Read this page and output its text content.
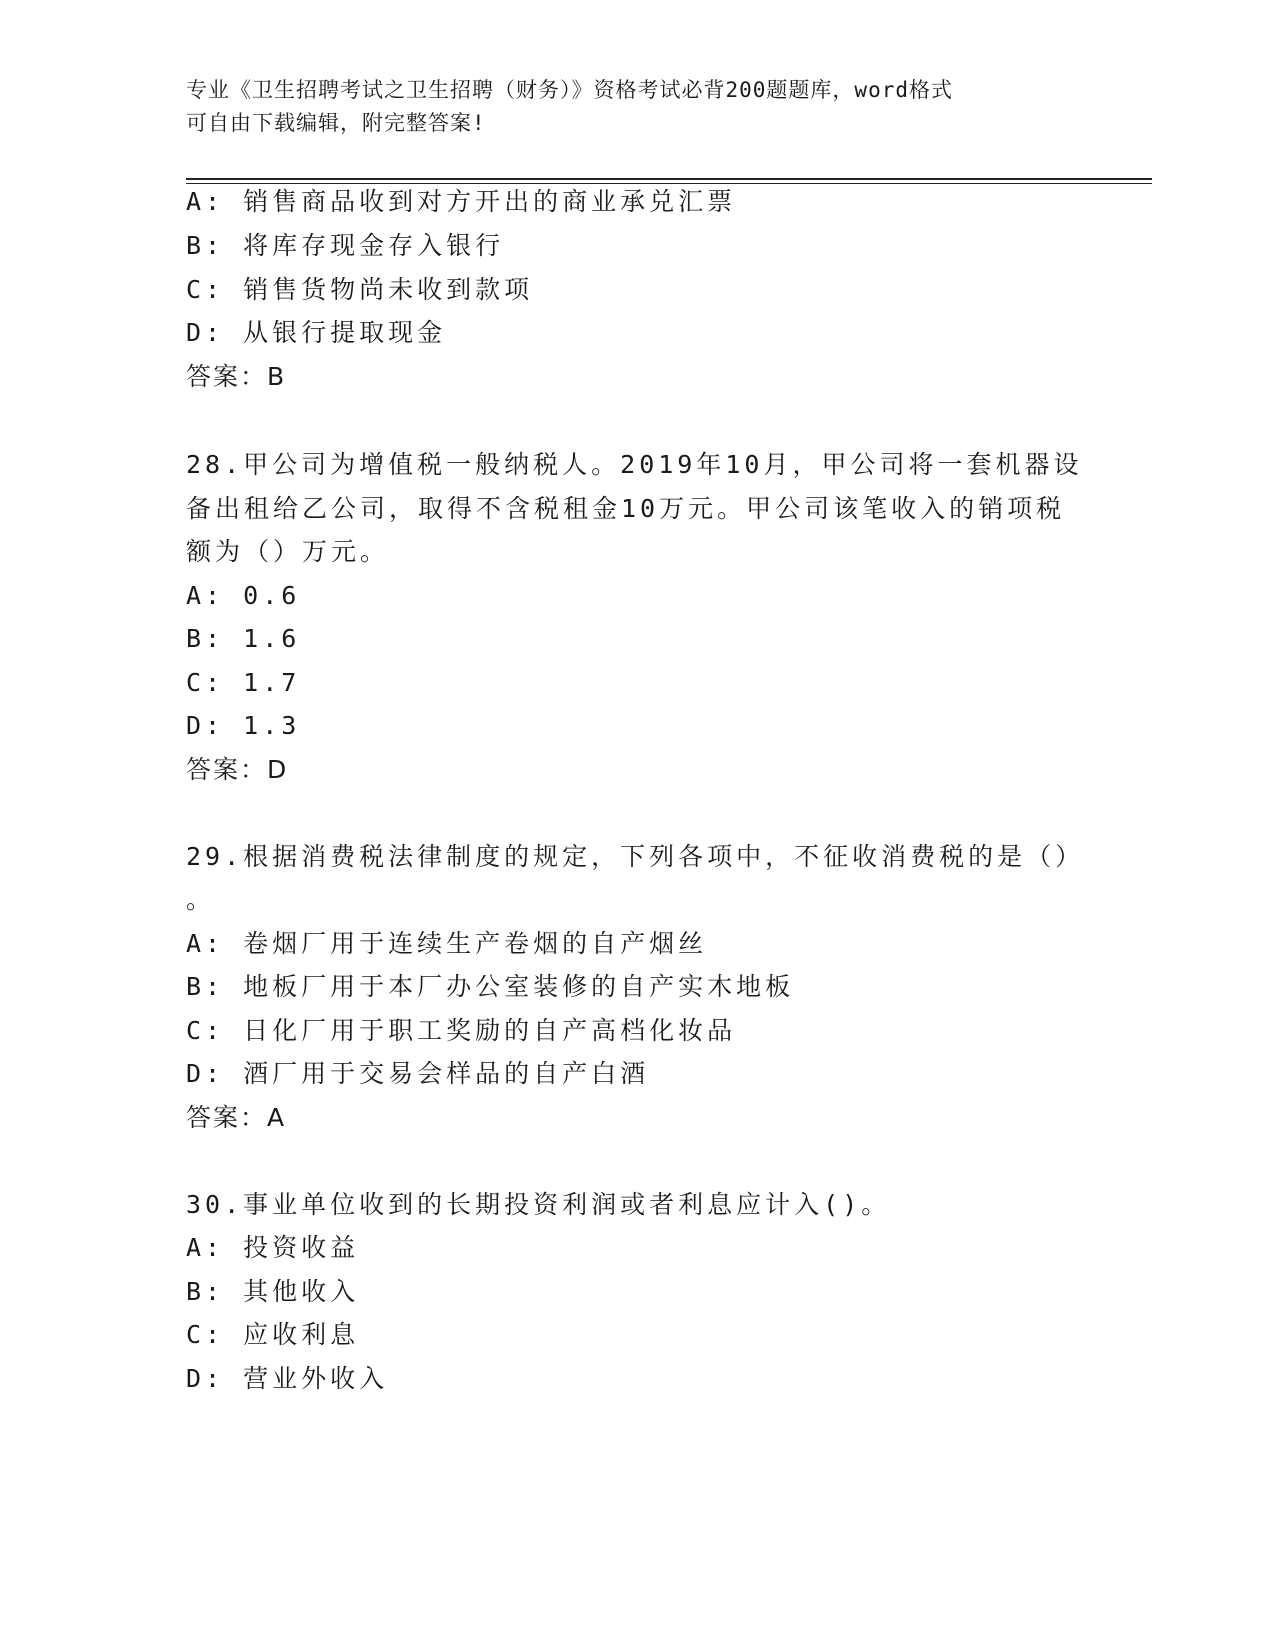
专业《卫生招聘考试之卫生招聘（财务）》资格考试必背200题题库，word格式
可自由下载编辑，附完整答案!
A: 销售商品收到对方开出的商业承兑汇票
B: 将库存现金存入银行
C: 销售货物尚未收到款项
D: 从银行提取现金
答案：B
28.甲公司为增值税一般纳税人。2019年10月，甲公司将一套机器设
备出租给乙公司，取得不含税租金10万元。甲公司该笔收入的销项税
额为（）万元。
A: 0.6
B: 1.6
C: 1.7
D: 1.3
答案：D
29.根据消费税法律制度的规定，下列各项中，不征收消费税的是（）
。
A: 卷烟厂用于连续生产卷烟的自产烟丝
B: 地板厂用于本厂办公室装修的自产实木地板
C: 日化厂用于职工奖励的自产高档化妆品
D: 酒厂用于交易会样品的自产白酒
答案：A
30.事业单位收到的长期投资利润或者利息应计入()。
A: 投资收益
B: 其他收入
C: 应收利息
D: 营业外收入
